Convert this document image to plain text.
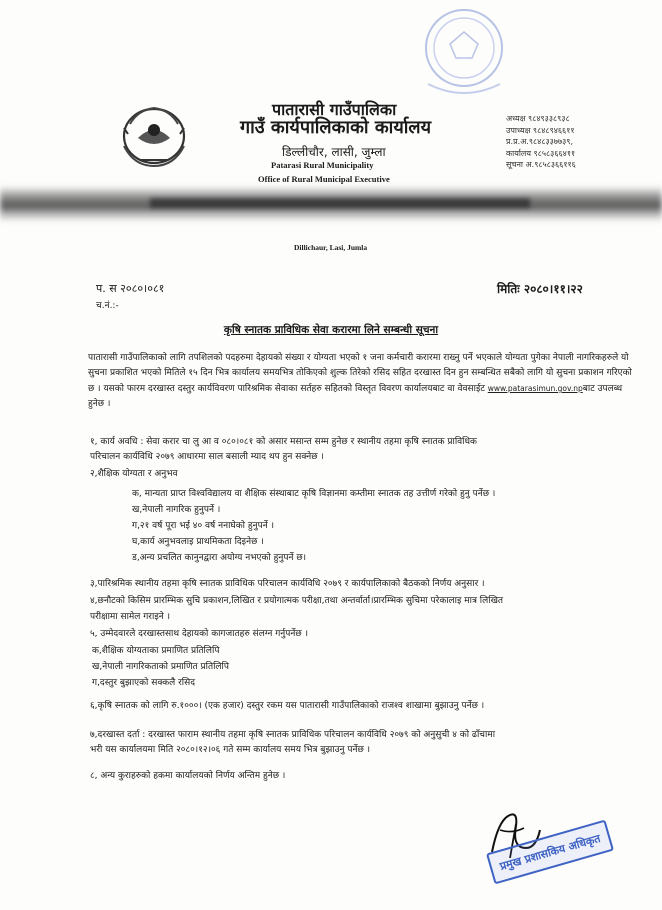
पातारासी गाउँपालिका
गाउँ कार्यपालिकाको कार्यालय
डिल्लीचौर, लासी, जुम्ला
Patarasi Rural Municipality
Office of Rural Municipal Executive
अध्यक्ष ९८४९३३८९३८
उपाध्यक्ष ९८४८९४६६११
प्र.प्र.अ.९८४८३३७७३९,
कार्यालय ९८५८३६६४११
सूचना अ.९८५८३६६११६
Dillichaur, Lasi, Jumla
प. स २०८०।०८१
च.नं.:-
मितिः २०८०।११।२२
कृषि स्नातक प्राविधिक सेवा करारमा लिने सम्बन्धी सूचना
पातारासी गाउँपालिकाको लागि तपशिलको पदहरुमा देहायको संख्या र योग्यता भएको १ जना कर्मचारी करारमा राख्नु पर्ने भएकाले योग्यता पुगेका नेपाली नागरिकहरुले यो सुचना प्रकाशित भएको मितिले १५ दिन भित्र कार्यालय समयभित्र तोकिएको शुल्क तिरेको रसिद सहित दरखास्त दिन हुन सम्बन्धित सबैको लागि यो सुचना प्रकाशन गरिएको छ । यसको फारम दरखास्त दस्तुर कार्यविवरण पारिश्रमिक सेवाका सर्तहरु सहितको विस्तृत विवरण कार्यालयबाट वा वेवसाईट www.patarasimun.gov.npबाट उपलब्ध हुनेछ ।
१, कार्य अवधि : सेवा करार चा लु आ व ०८०।०८१ को असार मसान्त सम्म हुनेछ र स्थानीय तहमा कृषि स्नातक प्राविधिक
परिचालन कार्यविधि २०७९ आधारमा साल बसाली म्याद थप हुन सक्नेछ ।
२,शैक्षिक योग्यता र अनुभव
क, मान्यता प्राप्त विश्वविद्यालय वा शैक्षिक संस्थाबाट कृषि विज्ञानमा कम्तीमा स्नातक तह उत्तीर्ण गरेको हुनु पर्नेछ ।
ख,नेपाली नागरिक हुनुपर्ने ।
ग,२१ वर्ष पूरा भई ४० वर्ष ननाघेको हुनुपर्ने ।
घ,कार्य अनुभवलाइ प्राथमिकता दिइनेछ ।
ड,अन्य प्रचलित कानुनद्वारा अयोग्य नभएको हुनुपर्ने छ।
३,पारिश्रमिक स्थानीय तहमा कृषि स्नातक प्राविधिक परिचालन कार्यविधि २०७९ र कार्यपालिकाको बैठकको निर्णय अनुसार ।
४,छनौटको किसिम प्रारम्भिक सुचि प्रकाशन,लिखित र प्रयोगात्मक परीक्षा,तथा अन्तर्वार्ता।प्रारम्भिक सुचिमा परेकालाइ मात्र लिखित
परीक्षामा सामेल गराइने ।
५, उम्मेदवारले दरखास्तसाथ देहायको कागजातहरु संलग्न गर्नुपर्नेछ ।
क,शैक्षिक योग्यताका प्रमाणित प्रतिलिपि
ख,नेपाली नागरिकताको प्रमाणित प्रतिलिपि
ग,दस्तुर बुझाएको सक्कलै रसिद
६,कृषि स्नातक को लागि रु.१०००। (एक हजार) दस्तुर रकम यस पातारासी गाउँपालिकाको राजश्व शाखामा बुझाउनु पर्नेछ ।
७,दरखास्त दर्ता : दरखास्त फाराम स्थानीय तहमा कृषि स्नातक प्राविधिक परिचालन कार्यविधि २०७९ को अनुसुची ४ को ढाँचामा
भरी यस कार्यालयमा मिति २०८०।१२।०६ गते सम्म कार्यालय समय भित्र बुझाउनु पर्नेछ ।
८, अन्य कुराहरुको हकमा कार्यालयको निर्णय अन्तिम हुनेछ ।
प्रमुख प्रशासकिय अधिकृत
